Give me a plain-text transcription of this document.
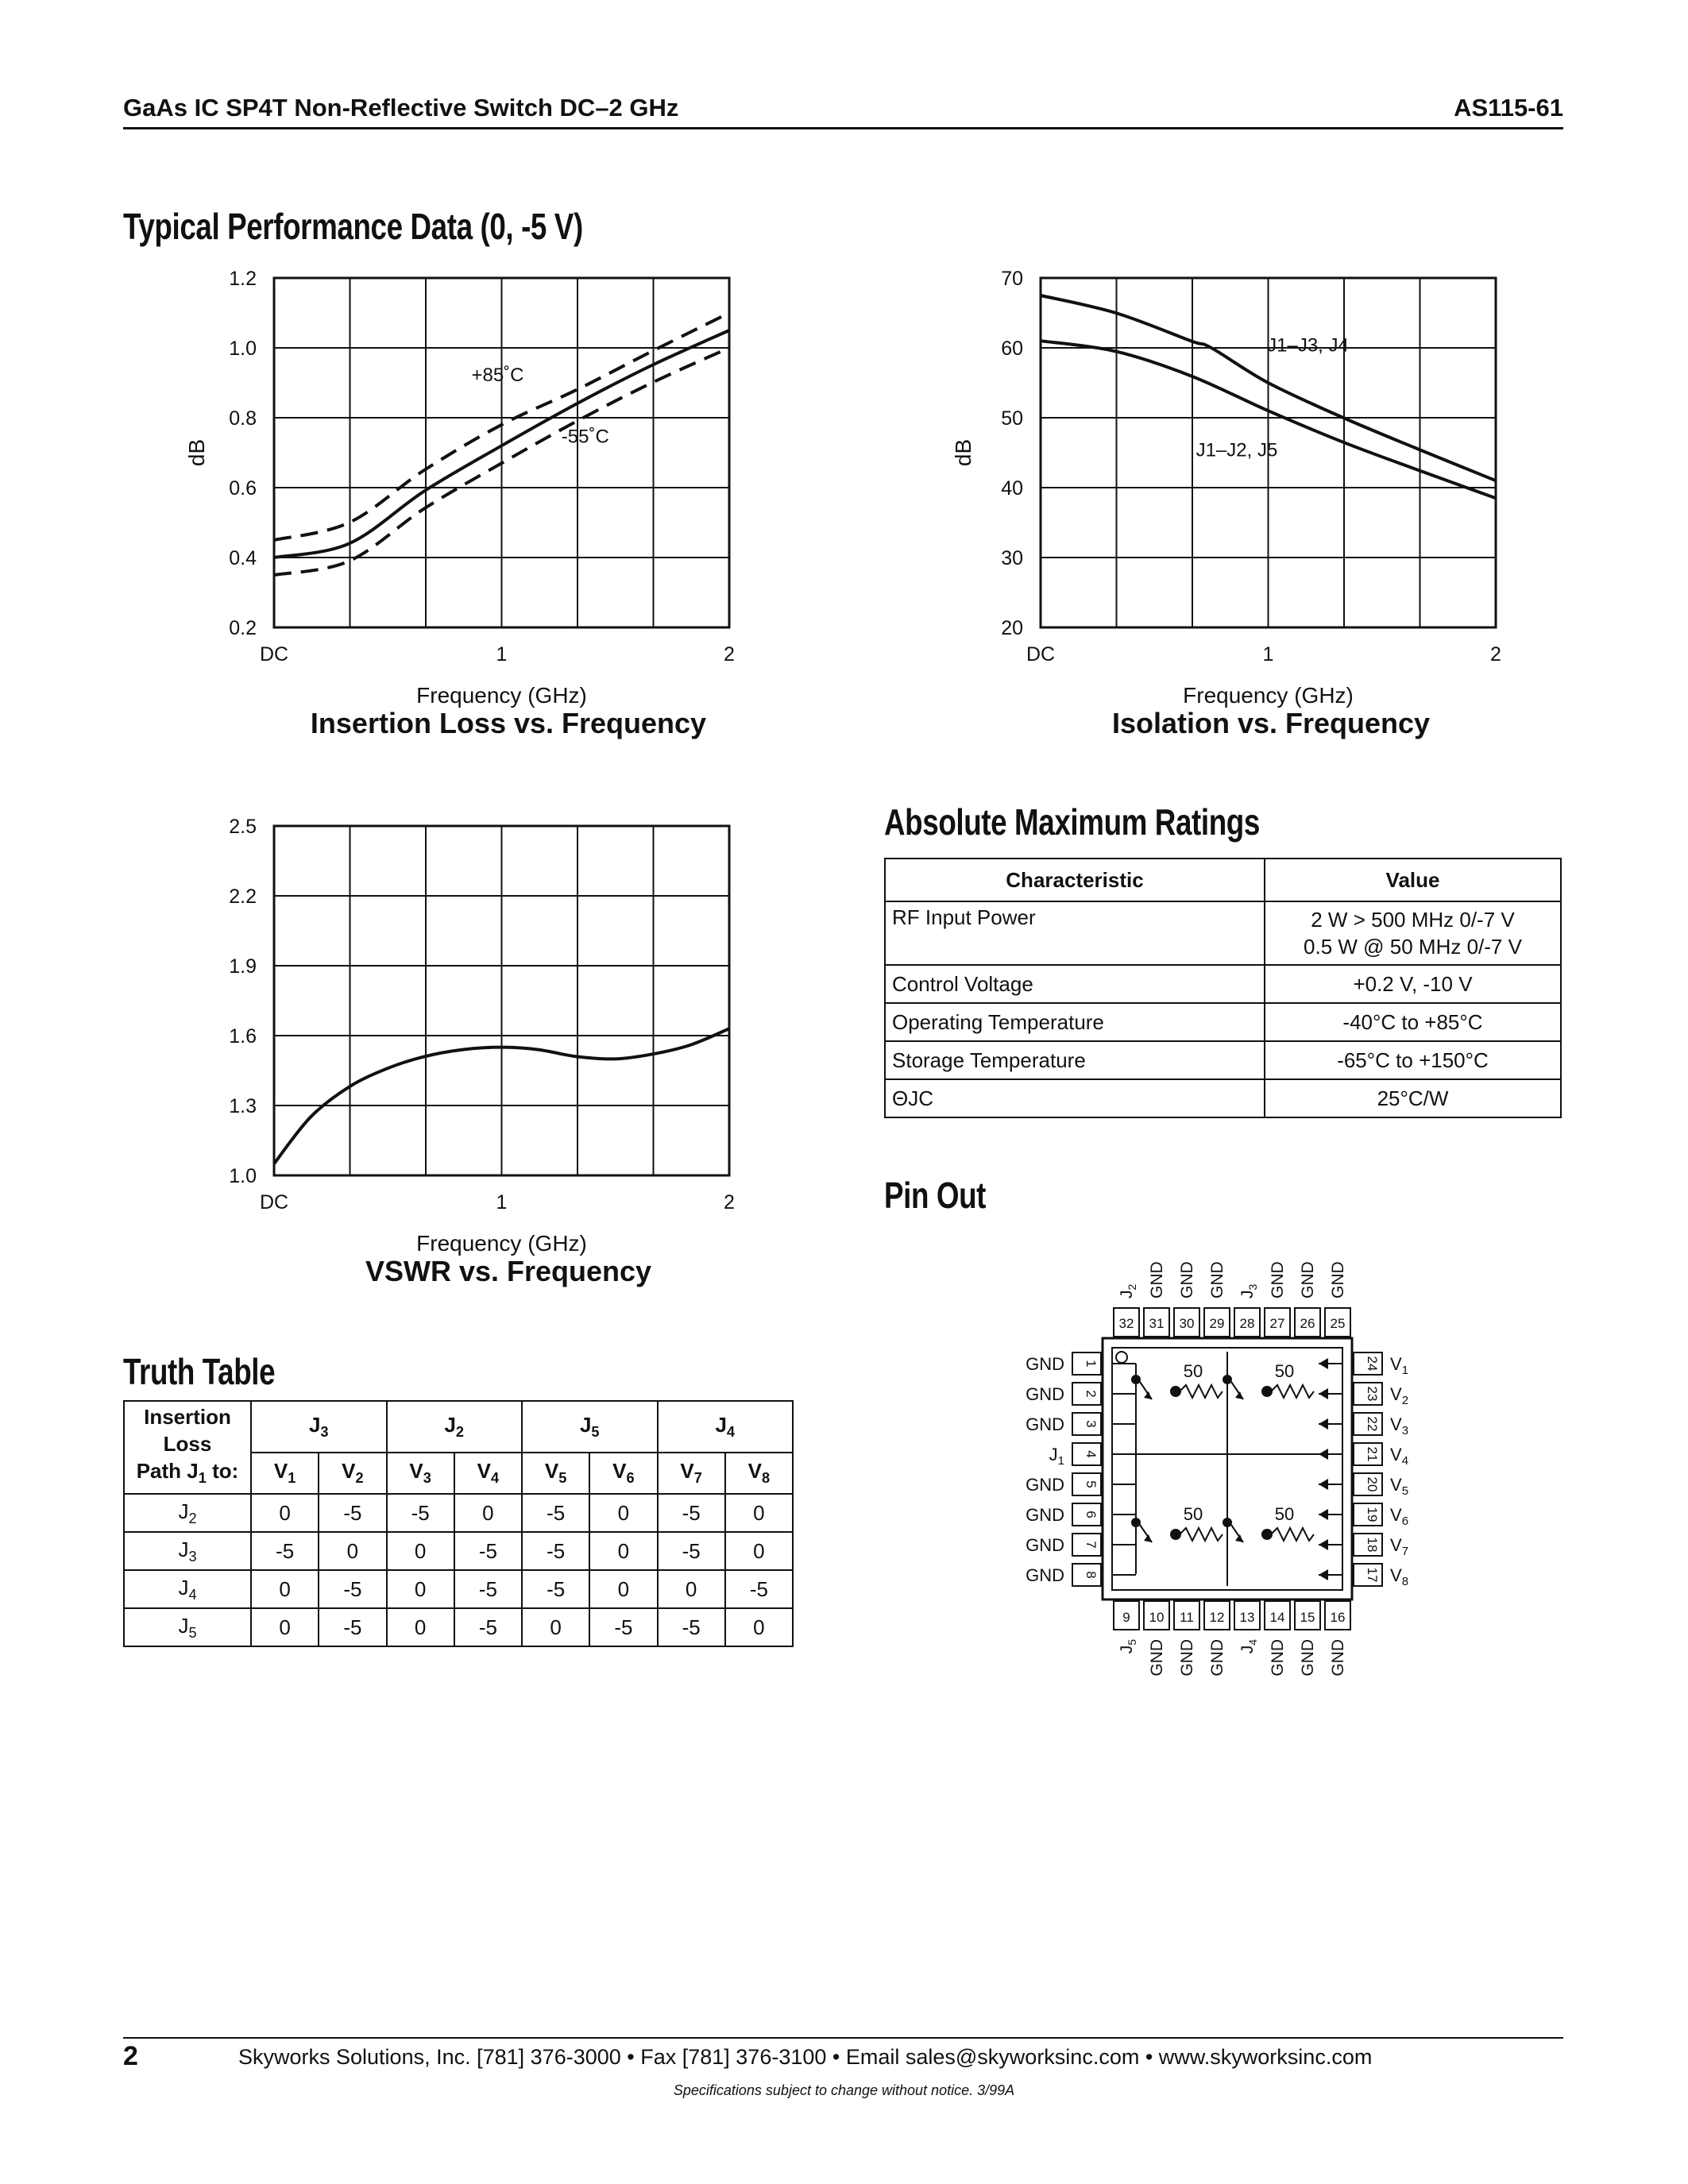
GaAs IC SP4T Non-Reflective Switch DC–2 GHz	AS115-61
Typical Performance Data (0, -5 V)
1.2
1.0
0.8
0.6
0.4
0.2
DC	1	2
Frequency (GHz)
dB
+85˚C
-55˚C
Insertion Loss vs. Frequency
70
60
50
40
30
20
DC	1	2
Frequency (GHz)
dB
J1–J3, J4
J1–J2, J5
Isolation vs. Frequency
2.5
2.2
1.9
1.6
1.3
1.0
DC	1	2
Frequency (GHz)
VSWR vs. Frequency
Absolute Maximum Ratings
Characteristic	Value
RF Input Power	2 W > 500 MHz 0/-7 V
0.5 W @ 50 MHz 0/-7 V

Control Voltage	+0.2 V, -10 V
Operating Temperature	-40°C to +85°C
Storage Temperature	-65°C to +150°C
ΘJC	25°C/W
Pin Out
32
$J_2$
31
GND
30
GND
29
GND
28
$J_3$
27
GND
26
GND
25
GND
9
$J_5$
10
GND
11
GND
12
GND
13
$J_4$
14
GND
15
GND
16
GND
1
GND
2
GND
3
GND
4
$J_1$
5
GND
6
GND
7
GND
8
GND
24 $V_1$
23 $V_2$
22 $V_3$
21 $V_4$
20 $V_5$
19 $V_6$
18 $V_7$
17 $V_8$
50	50
50	50
Truth Table
Insertion
Loss
Path $J_1$ to:	$J_3$		$J_2$		$J_5$		$J_4$
	$V_1$	$V_2$	$V_3$	$V_4$	$V_5$	$V_6$	$V_7$	$V_8$
$J_2$	0	-5	-5	0	-5	0	-5	0
$J_3$	-5	0	0	-5	-5	0	-5	0
$J_4$	0	-5	0	-5	-5	0	0	-5
$J_5$	0	-5	0	-5	0	-5	-5	0
2	Skyworks Solutions, Inc. [781] 376-3000 • Fax [781] 376-3100 • Email sales@skyworksinc.com • www.skyworksinc.com
Specifications subject to change without notice. 3/99A
